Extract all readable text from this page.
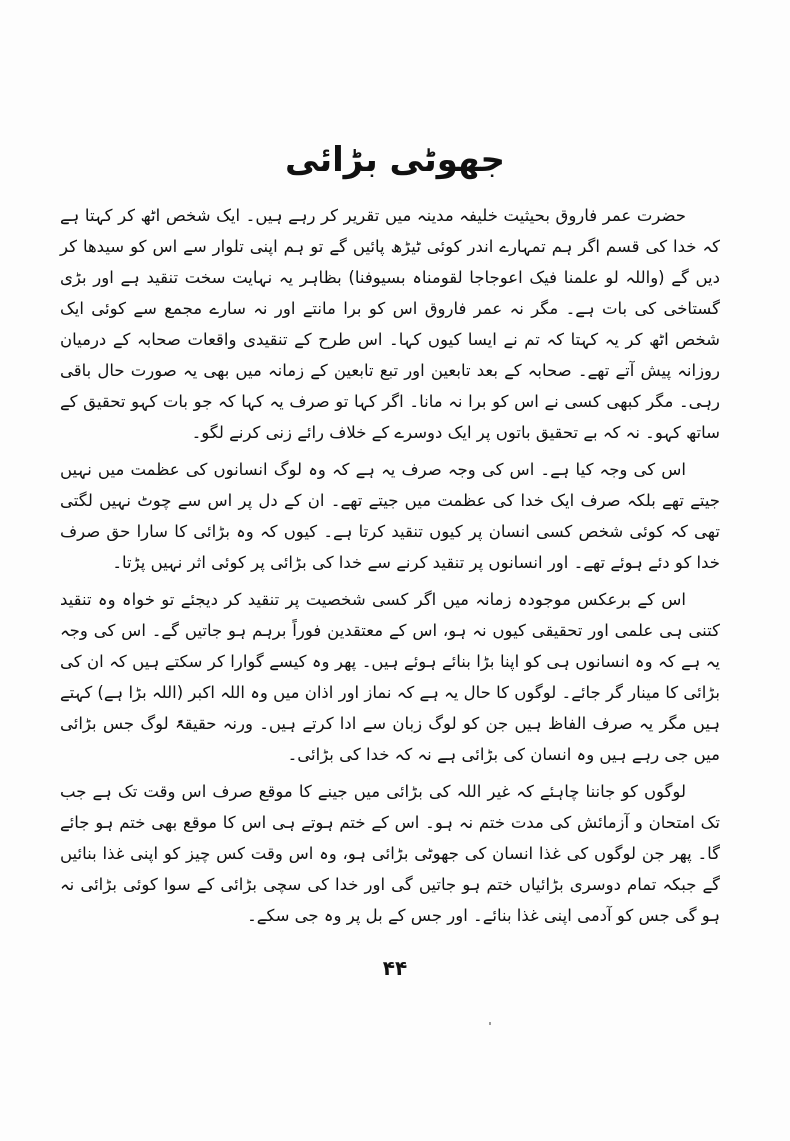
جھوٹی بڑائی

حضرت عمر فاروق بحیثیت خلیفہ مدینہ میں تقریر کر رہے ہیں۔ ایک شخص اٹھ کر کہتا ہے کہ خدا کی قسم اگر ہم تمہارے اندر کوئی ٹیڑھ پائیں گے تو ہم اپنی تلوار سے اس کو سیدھا کر دیں گے (واللہ لو علمنا فیک اعوجاجا لقومناہ بسیوفنا) بظاہر یہ نہایت سخت تنقید ہے اور بڑی گستاخی کی بات ہے۔ مگر نہ عمر فاروق اس کو برا مانتے اور نہ سارے مجمع سے کوئی ایک شخص اٹھ کر یہ کہتا کہ تم نے ایسا کیوں کہا۔ اس طرح کے تنقیدی واقعات صحابہ کے درمیان روزانہ پیش آتے تھے۔ صحابہ کے بعد تابعین اور تبع تابعین کے زمانہ میں بھی یہ صورت حال باقی رہی۔ مگر کبھی کسی نے اس کو برا نہ مانا۔ اگر کہا تو صرف یہ کہا کہ جو بات کہو تحقیق کے ساتھ کہو۔ نہ کہ بے تحقیق باتوں پر ایک دوسرے کے خلاف رائے زنی کرنے لگو۔

اس کی وجہ کیا ہے۔ اس کی وجہ صرف یہ ہے کہ وہ لوگ انسانوں کی عظمت میں نہیں جیتے تھے بلکہ صرف ایک خدا کی عظمت میں جیتے تھے۔ ان کے دل پر اس سے چوٹ نہیں لگتی تھی کہ کوئی شخص کسی انسان پر کیوں تنقید کرتا ہے۔ کیوں کہ وہ بڑائی کا سارا حق صرف خدا کو دئے ہوئے تھے۔ اور انسانوں پر تنقید کرنے سے خدا کی بڑائی پر کوئی اثر نہیں پڑتا۔

اس کے برعکس موجودہ زمانہ میں اگر کسی شخصیت پر تنقید کر دیجئے تو خواہ وہ تنقید کتنی ہی علمی اور تحقیقی کیوں نہ ہو، اس کے معتقدین فوراً برہم ہو جاتیں گے۔ اس کی وجہ یہ ہے کہ وہ انسانوں ہی کو اپنا بڑا بنائے ہوئے ہیں۔ پھر وہ کیسے گوارا کر سکتے ہیں کہ ان کی بڑائی کا مینار گر جائے۔ لوگوں کا حال یہ ہے کہ نماز اور اذان میں وہ اللہ اکبر (اللہ بڑا ہے) کہتے ہیں مگر یہ صرف الفاظ ہیں جن کو لوگ زبان سے ادا کرتے ہیں۔ ورنہ حقیقۃً لوگ جس بڑائی میں جی رہے ہیں وہ انسان کی بڑائی ہے نہ کہ خدا کی بڑائی۔

لوگوں کو جاننا چاہئے کہ غیر اللہ کی بڑائی میں جینے کا موقع صرف اس وقت تک ہے جب تک امتحان و آزمائش کی مدت ختم نہ ہو۔ اس کے ختم ہوتے ہی اس کا موقع بھی ختم ہو جائے گا۔ پھر جن لوگوں کی غذا انسان کی جھوٹی بڑائی ہو، وہ اس وقت کس چیز کو اپنی غذا بنائیں گے جبکہ تمام دوسری بڑائیاں ختم ہو جاتیں گی اور خدا کی سچی بڑائی کے سوا کوئی بڑائی نہ ہو گی جس کو آدمی اپنی غذا بنائے۔ اور جس کے بل پر وہ جی سکے۔

۴۴
